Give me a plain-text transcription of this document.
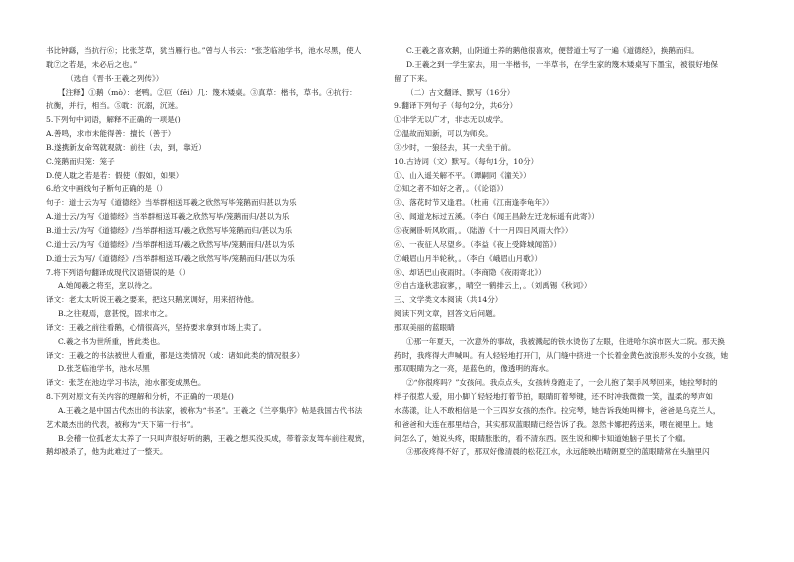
书比钟繇，当抗行⑥；比张芝草，犹当雁行也。”曾与人书云：“张芝临池学书，池水尽黑，使人
耽⑦之若是，未必后之也。”
（选自《晋书·王羲之列传》）
【注释】①鹅（mò）：老鸭。②叵（fěi）几：篾木矮桌。③真草：楷书，草书。④抗行：
抗衡，并行，相当。⑤耽：沉溺，沉迷。
5.下列句中词语，解释不正确的一项是()
A.善鸣，求市未能得善：擅长（善于）
B.遂携新友命驾就观就：前往（去，到，靠近）
C.笼鹅而归笼：笼子
D.使人耽之若是若：假使（假如，如果）
6.给文中画线句子断句正确的是（）
句子：道士云为写《道德经》当举群相送耳羲之欣然写毕笼鹅而归甚以为乐
A.道士云/为写《道德经》当举群相送耳羲之欣然写毕/笼鹅而归/甚以为乐
B.道士云/为写《道德经》/当举群相送耳/羲之欣然写毕笼鹅而归/甚以为乐
C.道士云/为写《道德经》/当举群相送耳/羲之欣然写毕/笼鹅而归/甚以为乐
D.道士云为写/《道德经》/当举群相送耳/羲之欣然写毕/笼鹅而归/甚以为乐
7.将下列语句翻译成现代汉语错误的是（）
A.她闻羲之将至，烹以待之。
译文：老太太听说王羲之要来，把这只鹅烹调好，用来招待他。
B.之往观焉，意甚悦，固求市之。
译文：王羲之前往看鹅，心情很高兴，坚持要求拿到市场上卖了。
C.羲之书为世所重，皆此类也。
译文：王羲之的书法被世人看重，都是这类情况（或：诸如此类的情况很多）
D.张芝临池学书，池水尽黑
译文：张芝在池边学习书法，池水都变成黑色。
8.下列对原文有关内容的理解和分析，不正确的一项是()
A.王羲之是中国古代杰出的书法家，被称为“书圣”。王羲之《兰亭集序》帖是我国古代书法
艺术最杰出的代表，被称为“天下第一行书”。
B.会稽一位孤老太太养了一只叫声很好听的鹅，王羲之想买没买成，带着亲友驾车前往观赏，
鹅却被杀了，他为此难过了一整天。
C.王羲之喜欢鹅，山阴道士养的鹅他很喜欢，便替道士写了一遍《道德经》，换鹅而归。
D.王羲之到一学生家去，用一半楷书，一半草书，在学生家的篾木矮桌写下墨宝，被很好地保
留了下来。
（二）古文翻译、默写（16分）
9.翻译下列句子（每句2分，共6分）
①非学无以广才，非志无以成学。
②温故而知新，可以为师矣。
③少时，一狼径去，其一犬坐于前。
10.古诗词（文）默写。（每句1分，10分）
①、山入遥关解不平。（谭嗣同《潼关》）
②知之者不如好之者，。（《论语》）
③、落花时节又逢君。（杜甫《江南逢李龟年》）
④、闻道龙标过五溪。（李白《闻王昌龄左迁龙标遥有此寄》）
⑤夜阑卧听风吹雨，。（陆游《十一月四日风雨大作》）
⑥、一夜征人尽望乡。（李益《夜上受降城闻笛》）
⑦峨眉山月半轮秋，。（李白《峨眉山月歌》）
⑧、却话巴山夜雨时。（李商隐《夜雨寄北》）
⑨自古逢秋悲寂寥，，晴空一鹤排云上，。（刘禹锡《秋词》）
三、文学类文本阅读（共14分）
阅读下列文章，回答文后问题。
那双美丽的蓝眼睛
①那一年夏天，一次意外的事故，我被溅起的铁水烫伤了左眼，住进哈尔滨市医大二院。那天换
药时，我疼得大声喊叫。有人轻轻地打开门，从门缝中挤进一个长着金黄色波浪形头发的小女孩，她
那双眼睛为之一亮，是蓝色的，像透明的海水。
②“你很疼吗？”女孩问。我点点头，女孩转身跑走了，一会儿抱了架手风琴回来，她拉琴时的
样子很惹人爱，用小脚丫轻轻地打着节拍，眼睛盯着琴键，还不时冲我微微一笑，温柔的琴声如
水荡漾，让人不敢相信是一个三四岁女孩的杰作。拉完琴，她告诉我她叫柳卡，爸爸是乌克兰人，
和爸爸和大连在那里结合，其实那双蓝眼睛已经告诉了我。忽然卡娜把药送来，喂在褪里上。她
问怎么了，她说头疼，眼睛胀胀的，看不清东西。医生说和柳卡知道她脑子里长了个瘤。
③那夜疼得不好了，那双好像清晨的松花江水，永远能映出晴朗夏空的蓝眼睛常在头脑里闪
